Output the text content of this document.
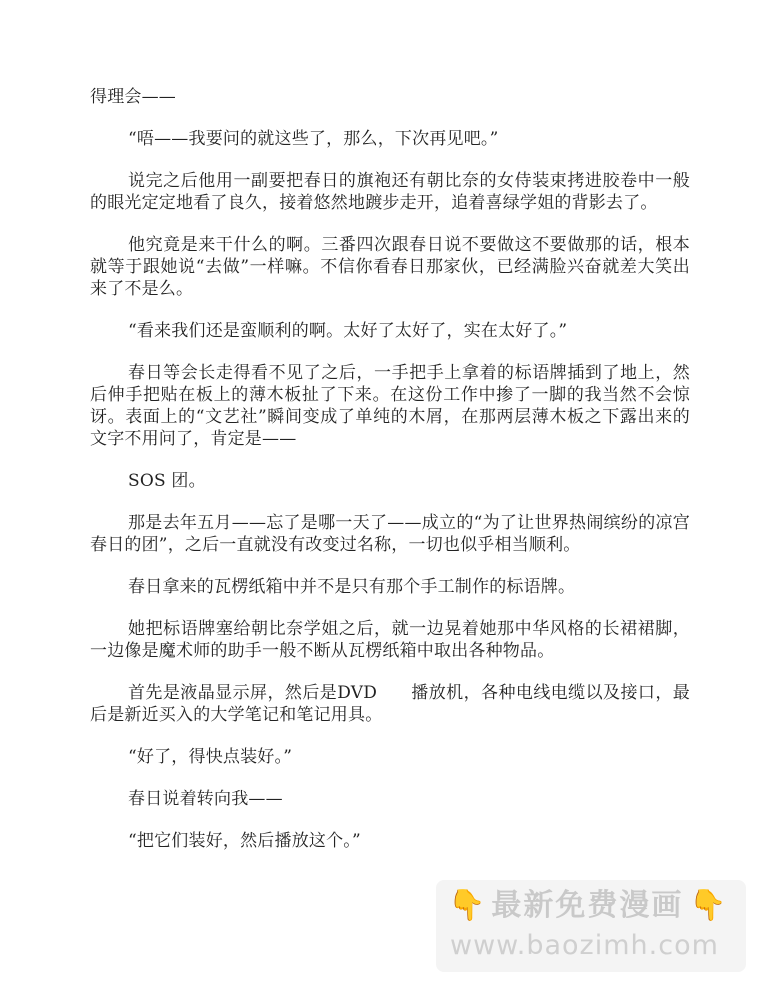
得理会——

“唔——我要问的就这些了，那么，下次再见吧。”

说完之后他用一副要把春日的旗袍还有朝比奈的女侍装束拷进胶卷中一般的眼光定定地看了良久，接着悠然地踱步走开，追着喜绿学姐的背影去了。

他究竟是来干什么的啊。三番四次跟春日说不要做这不要做那的话，根本就等于跟她说“去做”一样嘛。不信你看春日那家伙，已经满脸兴奋就差大笑出来了不是么。

“看来我们还是蛮顺利的啊。太好了太好了，实在太好了。”

春日等会长走得看不见了之后，一手把手上拿着的标语牌插到了地上，然后伸手把贴在板上的薄木板扯了下来。在这份工作中掺了一脚的我当然不会惊讶。表面上的“文艺社”瞬间变成了单纯的木屑，在那两层薄木板之下露出来的文字不用问了，肯定是——

SOS 团。

那是去年五月——忘了是哪一天了——成立的“为了让世界热闹缤纷的凉宫春日的团”，之后一直就没有改变过名称，一切也似乎相当顺利。

春日拿来的瓦楞纸箱中并不是只有那个手工制作的标语牌。

她把标语牌塞给朝比奈学姐之后，就一边晃着她那中华风格的长裙裙脚，一边像是魔术师的助手一般不断从瓦楞纸箱中取出各种物品。

首先是液晶显示屏，然后是DVD 播放机，各种电线电缆以及接口，最后是新近买入的大学笔记和笔记用具。

“好了，得快点装好。”

春日说着转向我——

“把它们装好，然后播放这个。”

👇 最新免费漫画 👇
www.baozimh.com
